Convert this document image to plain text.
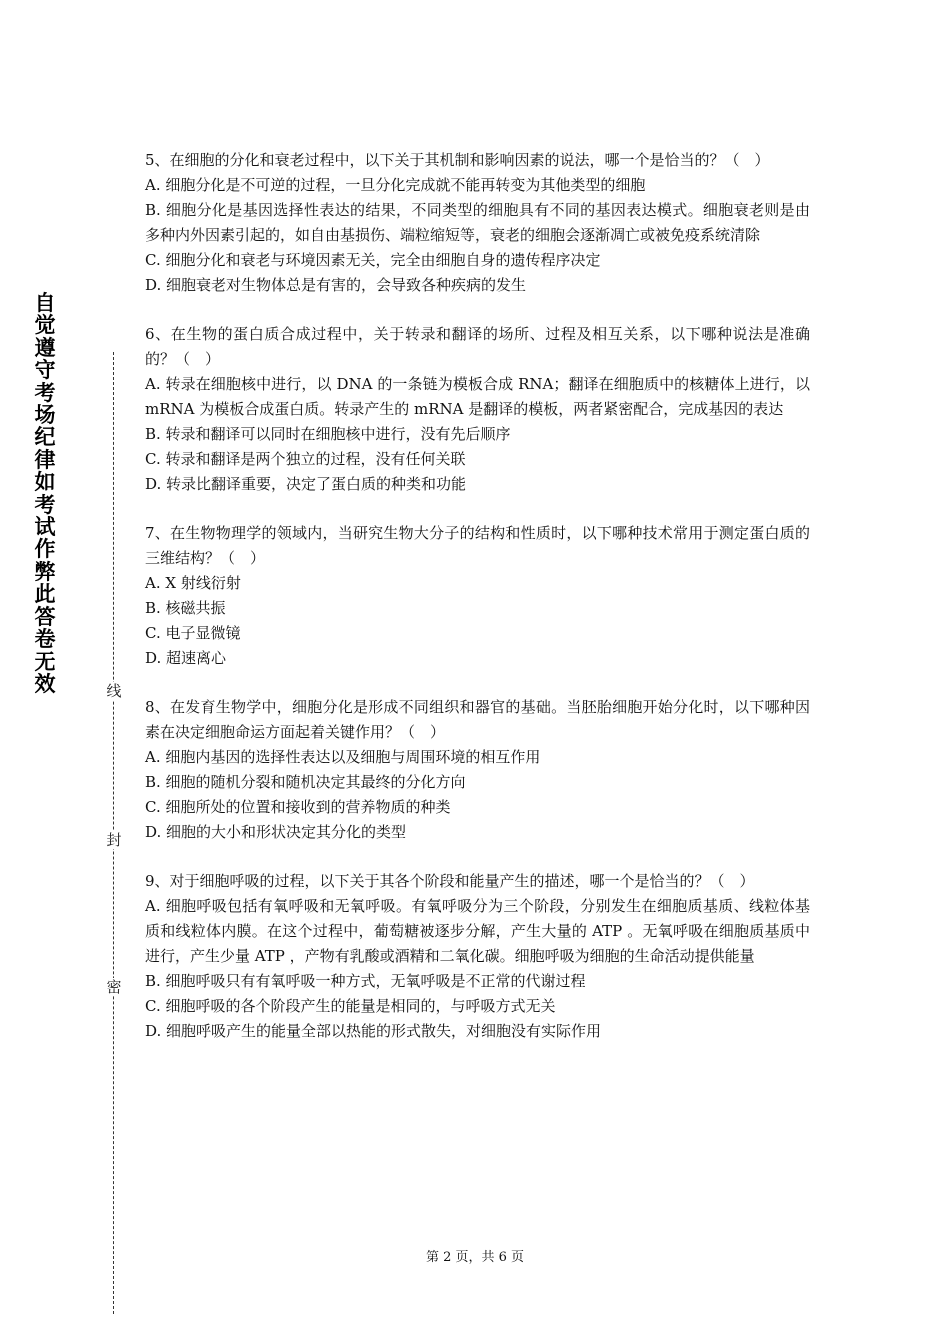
自
觉
遵
守
考
场
纪
律
如
考
试
作
弊
此
答
卷
无
效	线
封
密

5、在细胞的分化和衰老过程中，以下关于其机制和影响因素的说法，哪一个是恰当的？（　）

A. 细胞分化是不可逆的过程，一旦分化完成就不能再转变为其他类型的细胞

B. 细胞分化是基因选择性表达的结果，不同类型的细胞具有不同的基因表达模式。细胞衰老则是由多种内外因素引起的，如自由基损伤、端粒缩短等，衰老的细胞会逐渐凋亡或被免疫系统清除

C. 细胞分化和衰老与环境因素无关，完全由细胞自身的遗传程序决定

D. 细胞衰老对生物体总是有害的，会导致各种疾病的发生

6、在生物的蛋白质合成过程中，关于转录和翻译的场所、过程及相互关系，以下哪种说法是准确的？（　）

A. 转录在细胞核中进行，以 DNA 的一条链为模板合成 RNA；翻译在细胞质中的核糖体上进行，以 mRNA 为模板合成蛋白质。转录产生的 mRNA 是翻译的模板，两者紧密配合，完成基因的表达

B. 转录和翻译可以同时在细胞核中进行，没有先后顺序

C. 转录和翻译是两个独立的过程，没有任何关联

D. 转录比翻译重要，决定了蛋白质的种类和功能

7、在生物物理学的领域内，当研究生物大分子的结构和性质时，以下哪种技术常用于测定蛋白质的三维结构？（　）

A. X 射线衍射

B. 核磁共振

C. 电子显微镜

D. 超速离心

8、在发育生物学中，细胞分化是形成不同组织和器官的基础。当胚胎细胞开始分化时，以下哪种因素在决定细胞命运方面起着关键作用？（　）

A. 细胞内基因的选择性表达以及细胞与周围环境的相互作用

B. 细胞的随机分裂和随机决定其最终的分化方向

C. 细胞所处的位置和接收到的营养物质的种类

D. 细胞的大小和形状决定其分化的类型

9、对于细胞呼吸的过程，以下关于其各个阶段和能量产生的描述，哪一个是恰当的？（　）

A. 细胞呼吸包括有氧呼吸和无氧呼吸。有氧呼吸分为三个阶段，分别发生在细胞质基质、线粒体基质和线粒体内膜。在这个过程中，葡萄糖被逐步分解，产生大量的 ATP 。无氧呼吸在细胞质基质中进行，产生少量 ATP ，产物有乳酸或酒精和二氧化碳。细胞呼吸为细胞的生命活动提供能量

B. 细胞呼吸只有有氧呼吸一种方式，无氧呼吸是不正常的代谢过程

C. 细胞呼吸的各个阶段产生的能量是相同的，与呼吸方式无关

D. 细胞呼吸产生的能量全部以热能的形式散失，对细胞没有实际作用

第 2 页，共 6 页
